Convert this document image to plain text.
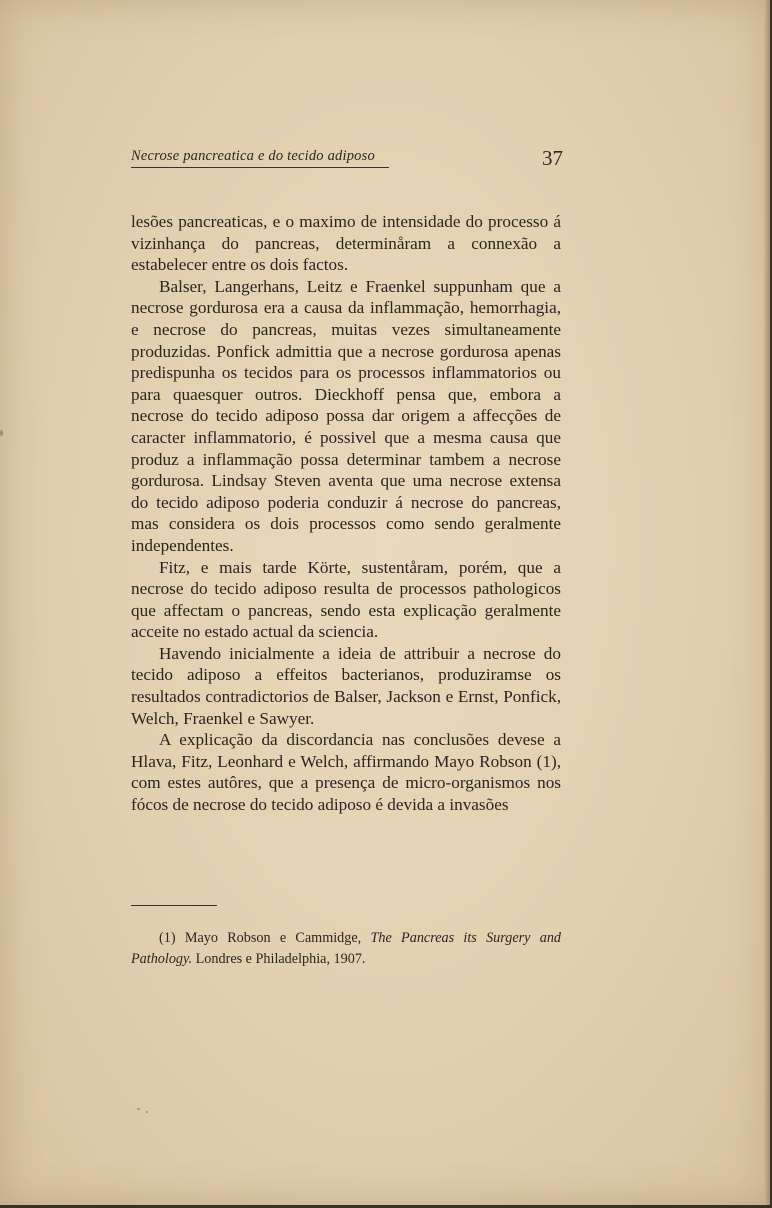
Necrose pancreatica e do tecido adiposo	37

lesões pancreaticas, e o maximo de intensidade do processo á vizinhança do pancreas, determinåram a connexão a estabelecer entre os dois factos.

Balser, Langerhans, Leitz e Fraenkel suppunham que a necrose gordurosa era a causa da inflammação, hemorrhagia, e necrose do pancreas, muitas vezes simultaneamente produzidas. Ponfick admittia que a necrose gordurosa apenas predispunha os tecidos para os processos inflammatorios ou para quaesquer outros. Dieckhoff pensa que, embora a necrose do tecido adiposo possa dar origem a affecções de caracter inflammatorio, é possivel que a mesma causa que produz a inflammação possa determinar tambem a necrose gordurosa. Lindsay Steven aventa que uma necrose extensa do tecido adiposo poderia conduzir á necrose do pancreas, mas considera os dois processos como sendo geralmente independentes.

Fitz, e mais tarde Körte, sustentåram, porém, que a necrose do tecido adiposo resulta de processos pathologicos que affectam o pancreas, sendo esta explicação geralmente acceite no estado actual da sciencia.

Havendo inicialmente a ideia de attribuir a necrose do tecido adiposo a effeitos bacterianos, produziramse os resultados contradictorios de Balser, Jackson e Ernst, Ponfick, Welch, Fraenkel e Sawyer.

A explicação da discordancia nas conclusões devese a Hlava, Fitz, Leonhard e Welch, affirmando Mayo Robson (1), com estes autôres, que a presença de micro-organismos nos fócos de necrose do tecido adiposo é devida a invasões

(1) Mayo Robson e Cammidge, The Pancreas its Surgery and Pathology. Londres e Philadelphia, 1907.
